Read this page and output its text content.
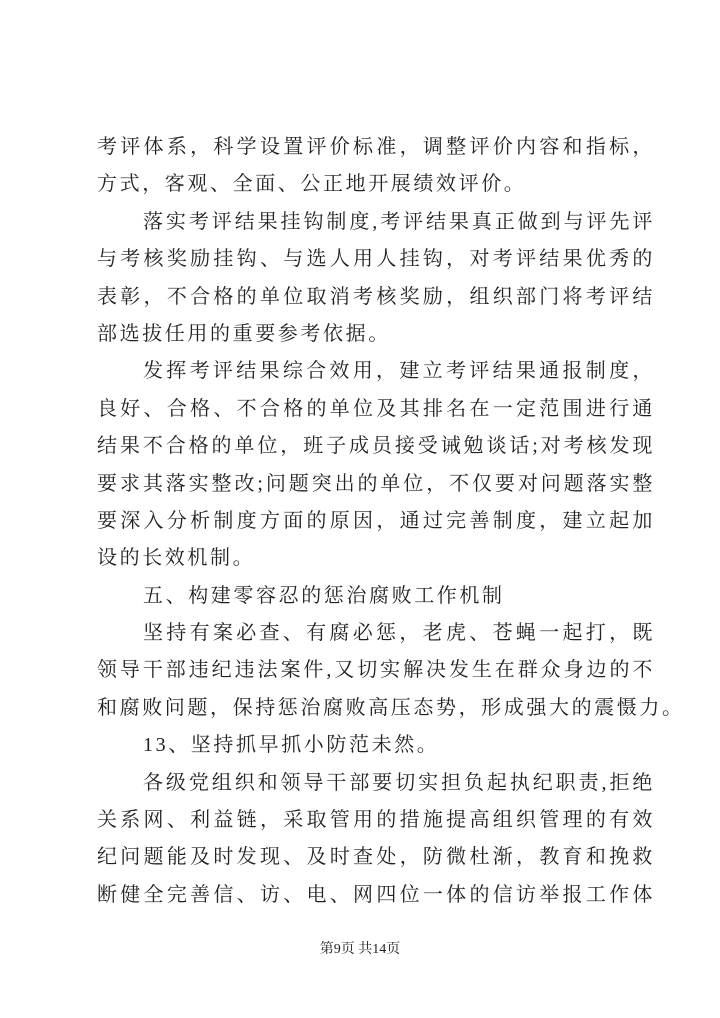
考评体系，科学设置评价标准，调整评价内容和指标，
方式，客观、全面、公正地开展绩效评价。
落实考评结果挂钩制度,考评结果真正做到与评先评
与考核奖励挂钩、与选人用人挂钩，对考评结果优秀的
表彰，不合格的单位取消考核奖励，组织部门将考评结
部选拔任用的重要参考依据。
发挥考评结果综合效用，建立考评结果通报制度，
良好、合格、不合格的单位及其排名在一定范围进行通
结果不合格的单位，班子成员接受诫勉谈话;对考核发现
要求其落实整改;问题突出的单位，不仅要对问题落实整
要深入分析制度方面的原因，通过完善制度，建立起加
设的长效机制。
五、构建零容忍的惩治腐败工作机制
坚持有案必查、有腐必惩，老虎、苍蝇一起打，既
领导干部违纪违法案件,又切实解决发生在群众身边的不
和腐败问题，保持惩治腐败高压态势，形成强大的震慑力。
13、坚持抓早抓小防范未然。
各级党组织和领导干部要切实担负起执纪职责,拒绝
关系网、利益链，采取管用的措施提高组织管理的有效
纪问题能及时发现、及时查处，防微杜渐，教育和挽救
断健全完善信、访、电、网四位一体的信访举报工作体
第9页 共14页
